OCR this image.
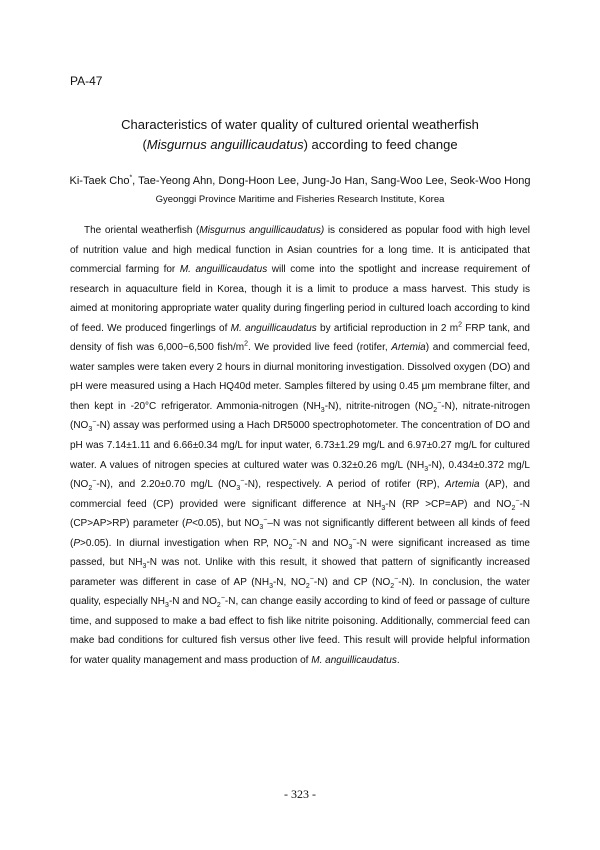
PA-47
Characteristics of water quality of cultured oriental weatherfish
(Misgurnus anguillicaudatus) according to feed change
Ki-Taek Cho*, Tae-Yeong Ahn, Dong-Hoon Lee, Jung-Jo Han, Sang-Woo Lee, Seok-Woo Hong
Gyeonggi Province Maritime and Fisheries Research Institute, Korea

The oriental weatherfish (Misgurnus anguillicaudatus) is considered as popular food with high level of nutrition value and high medical function in Asian countries for a long time. It is anticipated that commercial farming for M. anguillicaudatus will come into the spotlight and increase requirement of research in aquaculture field in Korea, though it is a limit to produce a mass harvest. This study is aimed at monitoring appropriate water quality during fingerling period in cultured loach according to kind of feed. We produced fingerlings of M. anguillicaudatus by artificial reproduction in 2 $m^2$ FRP tank, and density of fish was 6,000~6,500 fish/$m^2$. We provided live feed (rotifer, Artemia) and commercial feed, water samples were taken every 2 hours in diurnal monitoring investigation. Dissolved oxygen (DO) and pH were measured using a Hach HQ40d meter. Samples filtered by using 0.45 μm membrane filter, and then kept in -20°C refrigerator. Ammonia-nitrogen $(NH_3-N)$, nitrite-nitrogen $(NO_2^--N)$, nitrate-nitrogen $(NO_3^--N)$ assay was performed using a Hach DR5000 spectrophotometer. The concentration of DO and pH was 7.14±1.11 and 6.66±0.34 mg/L for input water, 6.73±1.29 mg/L and 6.97±0.27 mg/L for cultured water. A values of nitrogen species at cultured water was 0.32±0.26 mg/L $(NH_3-N)$, 0.434±0.372 mg/L $(NO_2^--N)$, and 2.20±0.70 mg/L $(NO_3^--N)$, respectively. A period of rotifer (RP), Artemia (AP), and commercial feed (CP) provided were significant difference at $NH_3-N$ (RP >CP=AP) and $NO_2^--N$ (CP>AP>RP) parameter (P<0.05), but $NO_3^--N$ was not significantly different between all kinds of feed (P>0.05). In diurnal investigation when RP, $NO_2^--N$ and $NO_3^--N$ were significant increased as time passed, but $NH_3-N$ was not. Unlike with this result, it showed that pattern of significantly increased parameter was different in case of AP ($NH_3-N$, $NO_2^--N$) and CP $(NO_2^--N)$. In conclusion, the water quality, especially $NH_3-N$ and $NO_2^--N$, can change easily according to kind of feed or passage of culture time, and supposed to make a bad effect to fish like nitrite poisoning. Additionally, commercial feed can make bad conditions for cultured fish versus other live feed. This result will provide helpful information for water quality management and mass production of M. anguillicaudatus.

- 323 -
